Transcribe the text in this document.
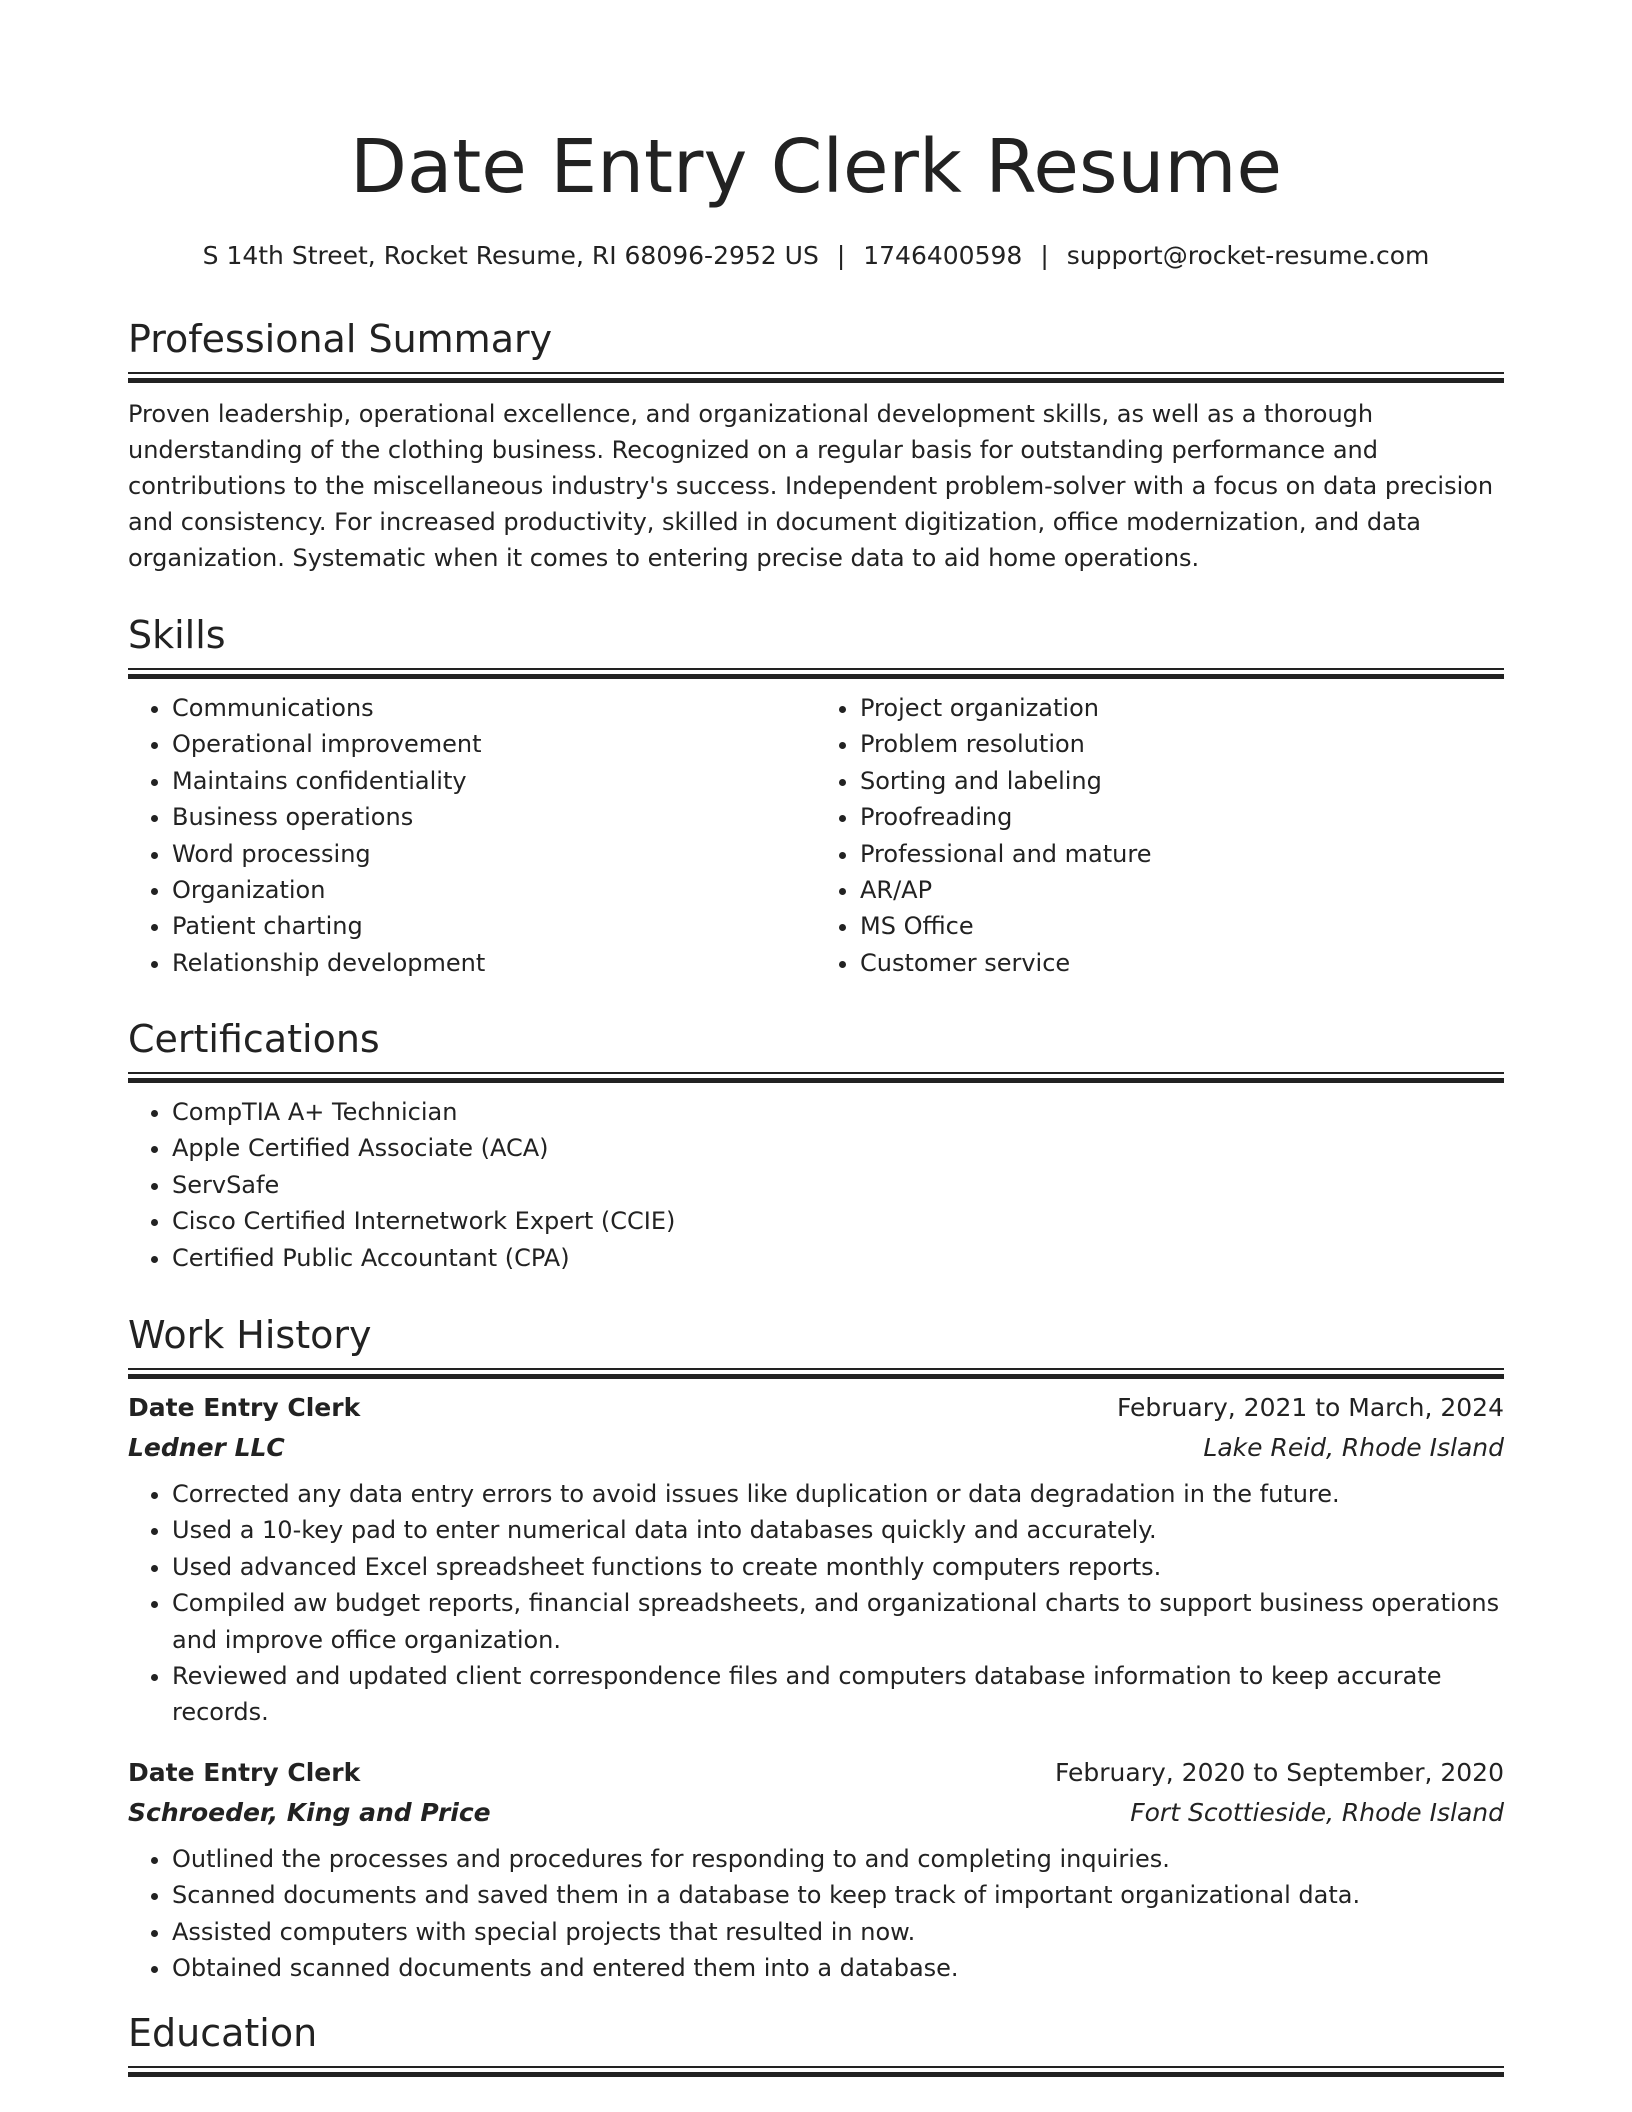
Date Entry Clerk Resume
S 14th Street, Rocket Resume, RI 68096-2952 US | 1746400598 | support@rocket-resume.com
Professional Summary

Proven leadership, operational excellence, and organizational development skills, as well as a thorough understanding of the clothing business. Recognized on a regular basis for outstanding performance and contributions to the miscellaneous industry's success. Independent problem-solver with a focus on data precision and consistency. For increased productivity, skilled in document digitization, office modernization, and data organization. Systematic when it comes to entering precise data to aid home operations.

Skills
• Communications
• Operational improvement
• Maintains confidentiality
• Business operations
• Word processing
• Organization
• Patient charting
• Relationship development
• Project organization
• Problem resolution
• Sorting and labeling
• Proofreading
• Professional and mature
• AR/AP
• MS Office
• Customer service
Certifications
• CompTIA A+ Technician
• Apple Certified Associate (ACA)
• ServSafe
• Cisco Certified Internetwork Expert (CCIE)
• Certified Public Accountant (CPA)
Work History
Date Entry Clerk	February, 2021 to March, 2024
Ledner LLC	Lake Reid, Rhode Island
• Corrected any data entry errors to avoid issues like duplication or data degradation in the future.
• Used a 10-key pad to enter numerical data into databases quickly and accurately.
• Used advanced Excel spreadsheet functions to create monthly computers reports.
• Compiled aw budget reports, financial spreadsheets, and organizational charts to support business operations and improve office organization.
• Reviewed and updated client correspondence files and computers database information to keep accurate records.
Date Entry Clerk	February, 2020 to September, 2020
Schroeder, King and Price	Fort Scottieside, Rhode Island
• Outlined the processes and procedures for responding to and completing inquiries.
• Scanned documents and saved them in a database to keep track of important organizational data.
• Assisted computers with special projects that resulted in now.
• Obtained scanned documents and entered them into a database.
Education
